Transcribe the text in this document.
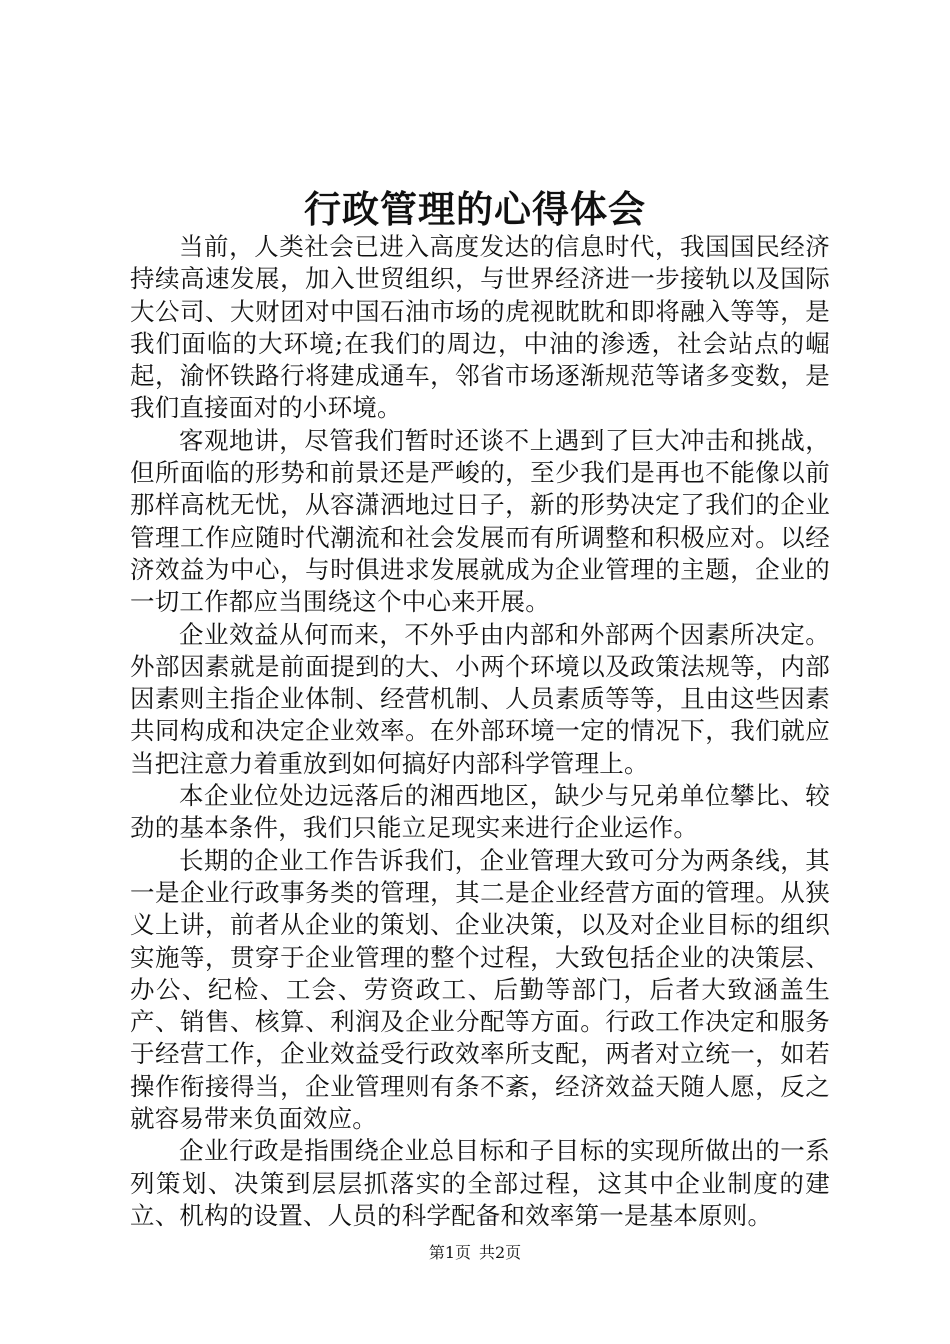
行政管理的心得体会

当前，人类社会已进入高度发达的信息时代，我国国民经济持续高速发展，加入世贸组织，与世界经济进一步接轨以及国际大公司、大财团对中国石油市场的虎视眈眈和即将融入等等，是我们面临的大环境;在我们的周边，中油的渗透，社会站点的崛起，渝怀铁路行将建成通车，邻省市场逐渐规范等诸多变数，是我们直接面对的小环境。

客观地讲，尽管我们暂时还谈不上遇到了巨大冲击和挑战，但所面临的形势和前景还是严峻的，至少我们是再也不能像以前那样高枕无忧，从容潇洒地过日子，新的形势决定了我们的企业管理工作应随时代潮流和社会发展而有所调整和积极应对。以经济效益为中心，与时俱进求发展就成为企业管理的主题，企业的一切工作都应当围绕这个中心来开展。

企业效益从何而来，不外乎由内部和外部两个因素所决定。外部因素就是前面提到的大、小两个环境以及政策法规等，内部因素则主指企业体制、经营机制、人员素质等等，且由这些因素共同构成和决定企业效率。在外部环境一定的情况下，我们就应当把注意力着重放到如何搞好内部科学管理上。

本企业位处边远落后的湘西地区，缺少与兄弟单位攀比、较劲的基本条件，我们只能立足现实来进行企业运作。

长期的企业工作告诉我们，企业管理大致可分为两条线，其一是企业行政事务类的管理，其二是企业经营方面的管理。从狭义上讲，前者从企业的策划、企业决策，以及对企业目标的组织实施等，贯穿于企业管理的整个过程，大致包括企业的决策层、办公、纪检、工会、劳资政工、后勤等部门，后者大致涵盖生产、销售、核算、利润及企业分配等方面。行政工作决定和服务于经营工作，企业效益受行政效率所支配，两者对立统一，如若操作衔接得当，企业管理则有条不紊，经济效益天随人愿，反之就容易带来负面效应。

企业行政是指围绕企业总目标和子目标的实现所做出的一系列策划、决策到层层抓落实的全部过程，这其中企业制度的建立、机构的设置、人员的科学配备和效率第一是基本原则。

第1页 共2页
